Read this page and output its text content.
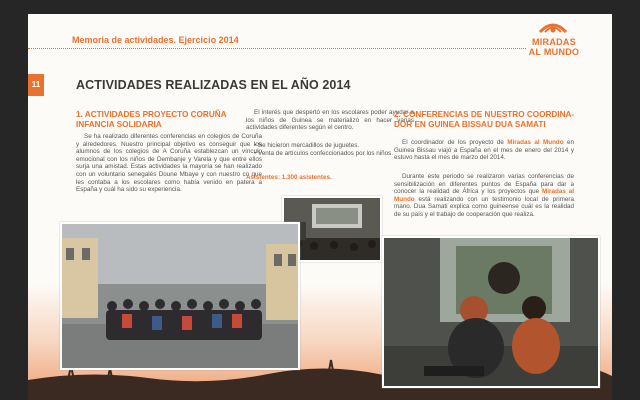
Memoria de actividades. Ejercicio 2014	MIRADAS
AL MUNDO
11	ACTIVIDADES REALIZADAS EN EL AÑO 2014
1. ACTIVIDADES PROYECTO CORUÑA
INFANCIA SOLIDARIA

Se ha realizado diferentes conferencias en colegios de Coruña y alrededores. Nuestro principal objetivo es conseguir que los alumnos de los colegios de A Coruña establezcan un vínculo emocional con los niños de Dembanje y Varela y que entre ellos surja una amistad. Estas actividades la mayoría se han realizado con un voluntario senegalés Doune Mbaye y con nuestro co que les contaba a los escolares como había venido en patera a España y cuál ha sido su experiencia.

El interés que despertó en los escolares poder ayudar a los niños de Guinea se materializó en hacer varias actividades diferentes según el centro.

• Se hicieron mercadillos de juguetes.
• Venta de artículos confeccionados por los niños.
Asistentes: 1.300 asistentes.
2. CONFERENCIAS DE NUESTRO COORDINA-
DOR EN GUINEA BISSAU DUA SAMATI

El coordinador de los proyecto de Miradas al Mundo en Guinea Bissau viajó a España en el mes de enero del 2014 y estuvo hasta el mes de marzo del 2014.

Durante este periodo se realizaron varias conferencias de sensibilización en diferentes puntos de España para dar a conocer la realidad de África y los proyectos que Miradas al Mundo está realizando con un testimonio local de primera mano. Dua Samati explica como guineense cuál es la realidad de su país y el trabajo de cooperación que realiza.
